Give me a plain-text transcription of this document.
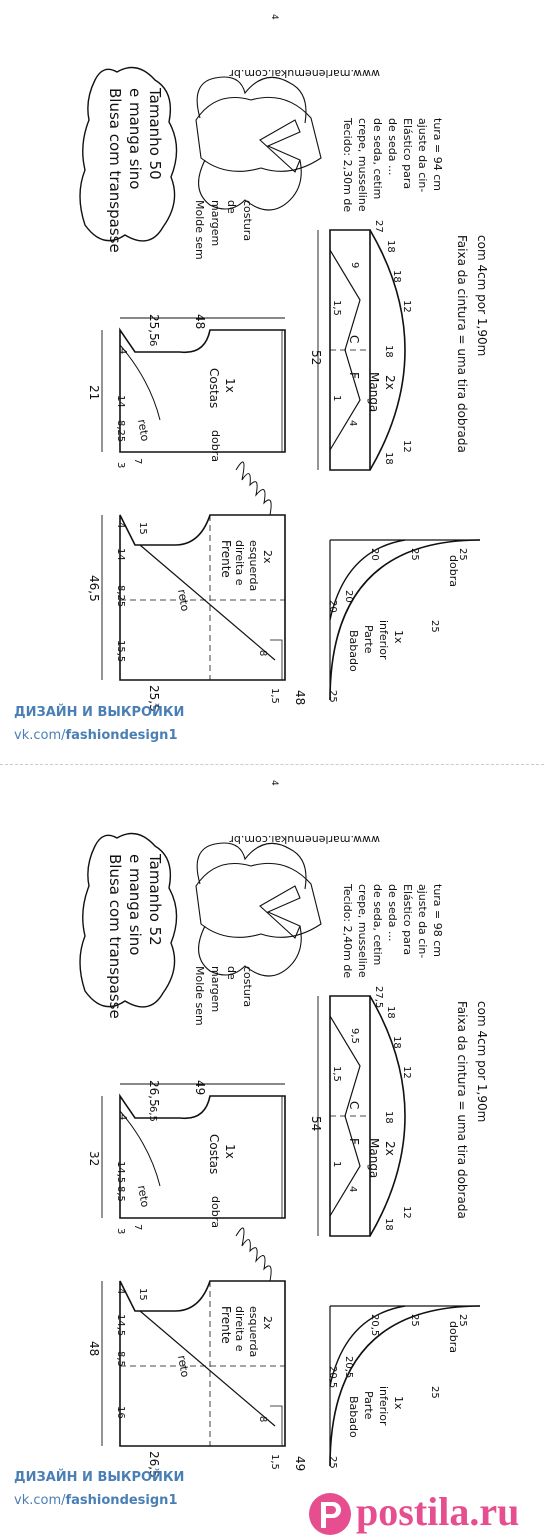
4
Blusa com transpasse e manga sino Tamanho 50
www.marlenemukai.com.br
Molde sem margem de costura
Tecido: 2,30m de crepe, musseline de seda, cetim de seda ... Elástico para ajuste da cin- tura = 94 cm
Costas 1x
dobra
21
25,5	48
reto
3
8,25
14
7
4
6
Frente direita e esquerda 2x
46,5
25,5	48
reto
15,5
8,25
14
4 15
8
1,5
Manga 2x
C
F
52
18
27
18
12
9
1,5
1
4
18
12
18	Faixa da cintura = uma tira dobrada com 4cm por 1,90m
Babado Parte inferior 1x
dobra
25
20
20
20	25
25
25
4
Blusa com transpasse e manga sino Tamanho 52
www.marlenemukai.com.br
Molde sem margem de costura
Tecido: 2,40m de crepe, musseline de seda, cetim de seda ... Elástico para ajuste da cin- tura = 98 cm
Costas 1x
dobra
32
26,5	49
reto
3
8,5
14,5
7
4 6,5
Frente direita e esquerda 2x
48
26,5	49
reto
16
8,5
14,5
4 15
8
1,5
Manga 2x
C
F
54
18
27,5
18
12
9,5
1,5
1
4
18
12
18	Faixa da cintura = uma tira dobrada com 4cm por 1,90m
Babado Parte inferior 1x
dobra
25
20,5 20,5
20,5	25
25
25
ДИЗАЙН И ВЫКРОЙКИ
vk.com/fashiondesign1
ДИЗАЙН И ВЫКРОЙКИ
vk.com/fashiondesign1	postila.ru
